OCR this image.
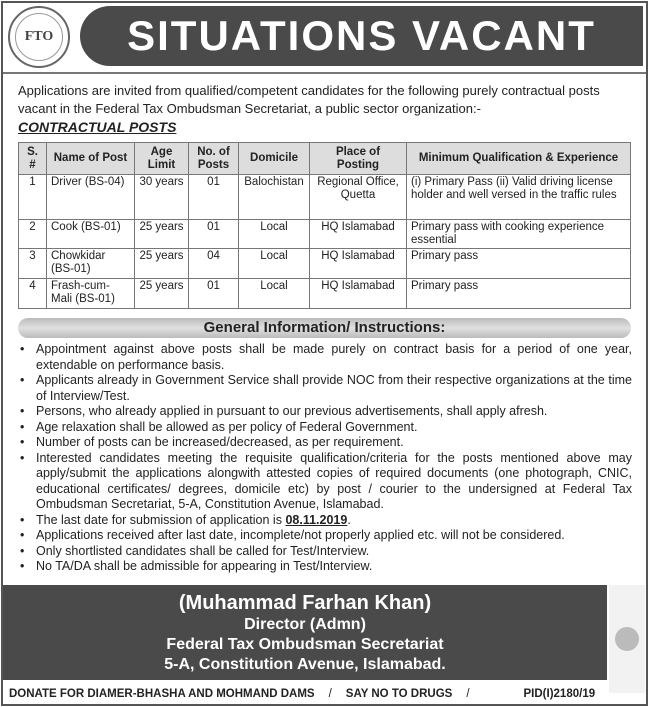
FTO	SITUATIONS VACANT

Applications are invited from qualified/competent candidates for the following purely contractual posts vacant in the Federal Tax Ombudsman Secretariat, a public sector organization:-

CONTRACTUAL POSTS
S. #	Name of Post	Age Limit	No. of Posts	Domicile	Place of Posting	Minimum Qualification & Experience
1	Driver (BS-04)	30 years	01	Balochistan	Regional Office, Quetta	(i) Primary Pass (ii) Valid driving license holder and well versed in the traffic rules
2	Cook (BS-01)	25 years	01	Local	HQ Islamabad	Primary pass with cooking experience essential
3	Chowkidar (BS-01)	25 years	04	Local	HQ Islamabad	Primary pass
4	Frash-cum-Mali (BS-01)	25 years	01	Local	HQ Islamabad	Primary pass
General Information/ Instructions:
• Appointment against above posts shall be made purely on contract basis for a period of one year, extendable on performance basis.
• Applicants already in Government Service shall provide NOC from their respective organizations at the time of Interview/Test.
• Persons, who already applied in pursuant to our previous advertisements, shall apply afresh.
• Age relaxation shall be allowed as per policy of Federal Government.
• Number of posts can be increased/decreased, as per requirement.
• Interested candidates meeting the requisite qualification/criteria for the posts mentioned above may apply/submit the applications alongwith attested copies of required documents (one photograph, CNIC, educational certificates/ degrees, domicile etc) by post / courier to the undersigned at Federal Tax Ombudsman Secretariat, 5-A, Constitution Avenue, Islamabad.
• The last date for submission of application is 08.11.2019.
• Applications received after last date, incomplete/not properly applied etc. will not be considered.
• Only shortlisted candidates shall be called for Test/Interview.
• No TA/DA shall be admissible for appearing in Test/Interview.
(Muhammad Farhan Khan)
Director (Admn)
Federal Tax Ombudsman Secretariat
5-A, Constitution Avenue, Islamabad.
DONATE FOR DIAMER-BHASHA AND MOHMAND DAMS / SAY NO TO DRUGS /	PID(I)2180/19
